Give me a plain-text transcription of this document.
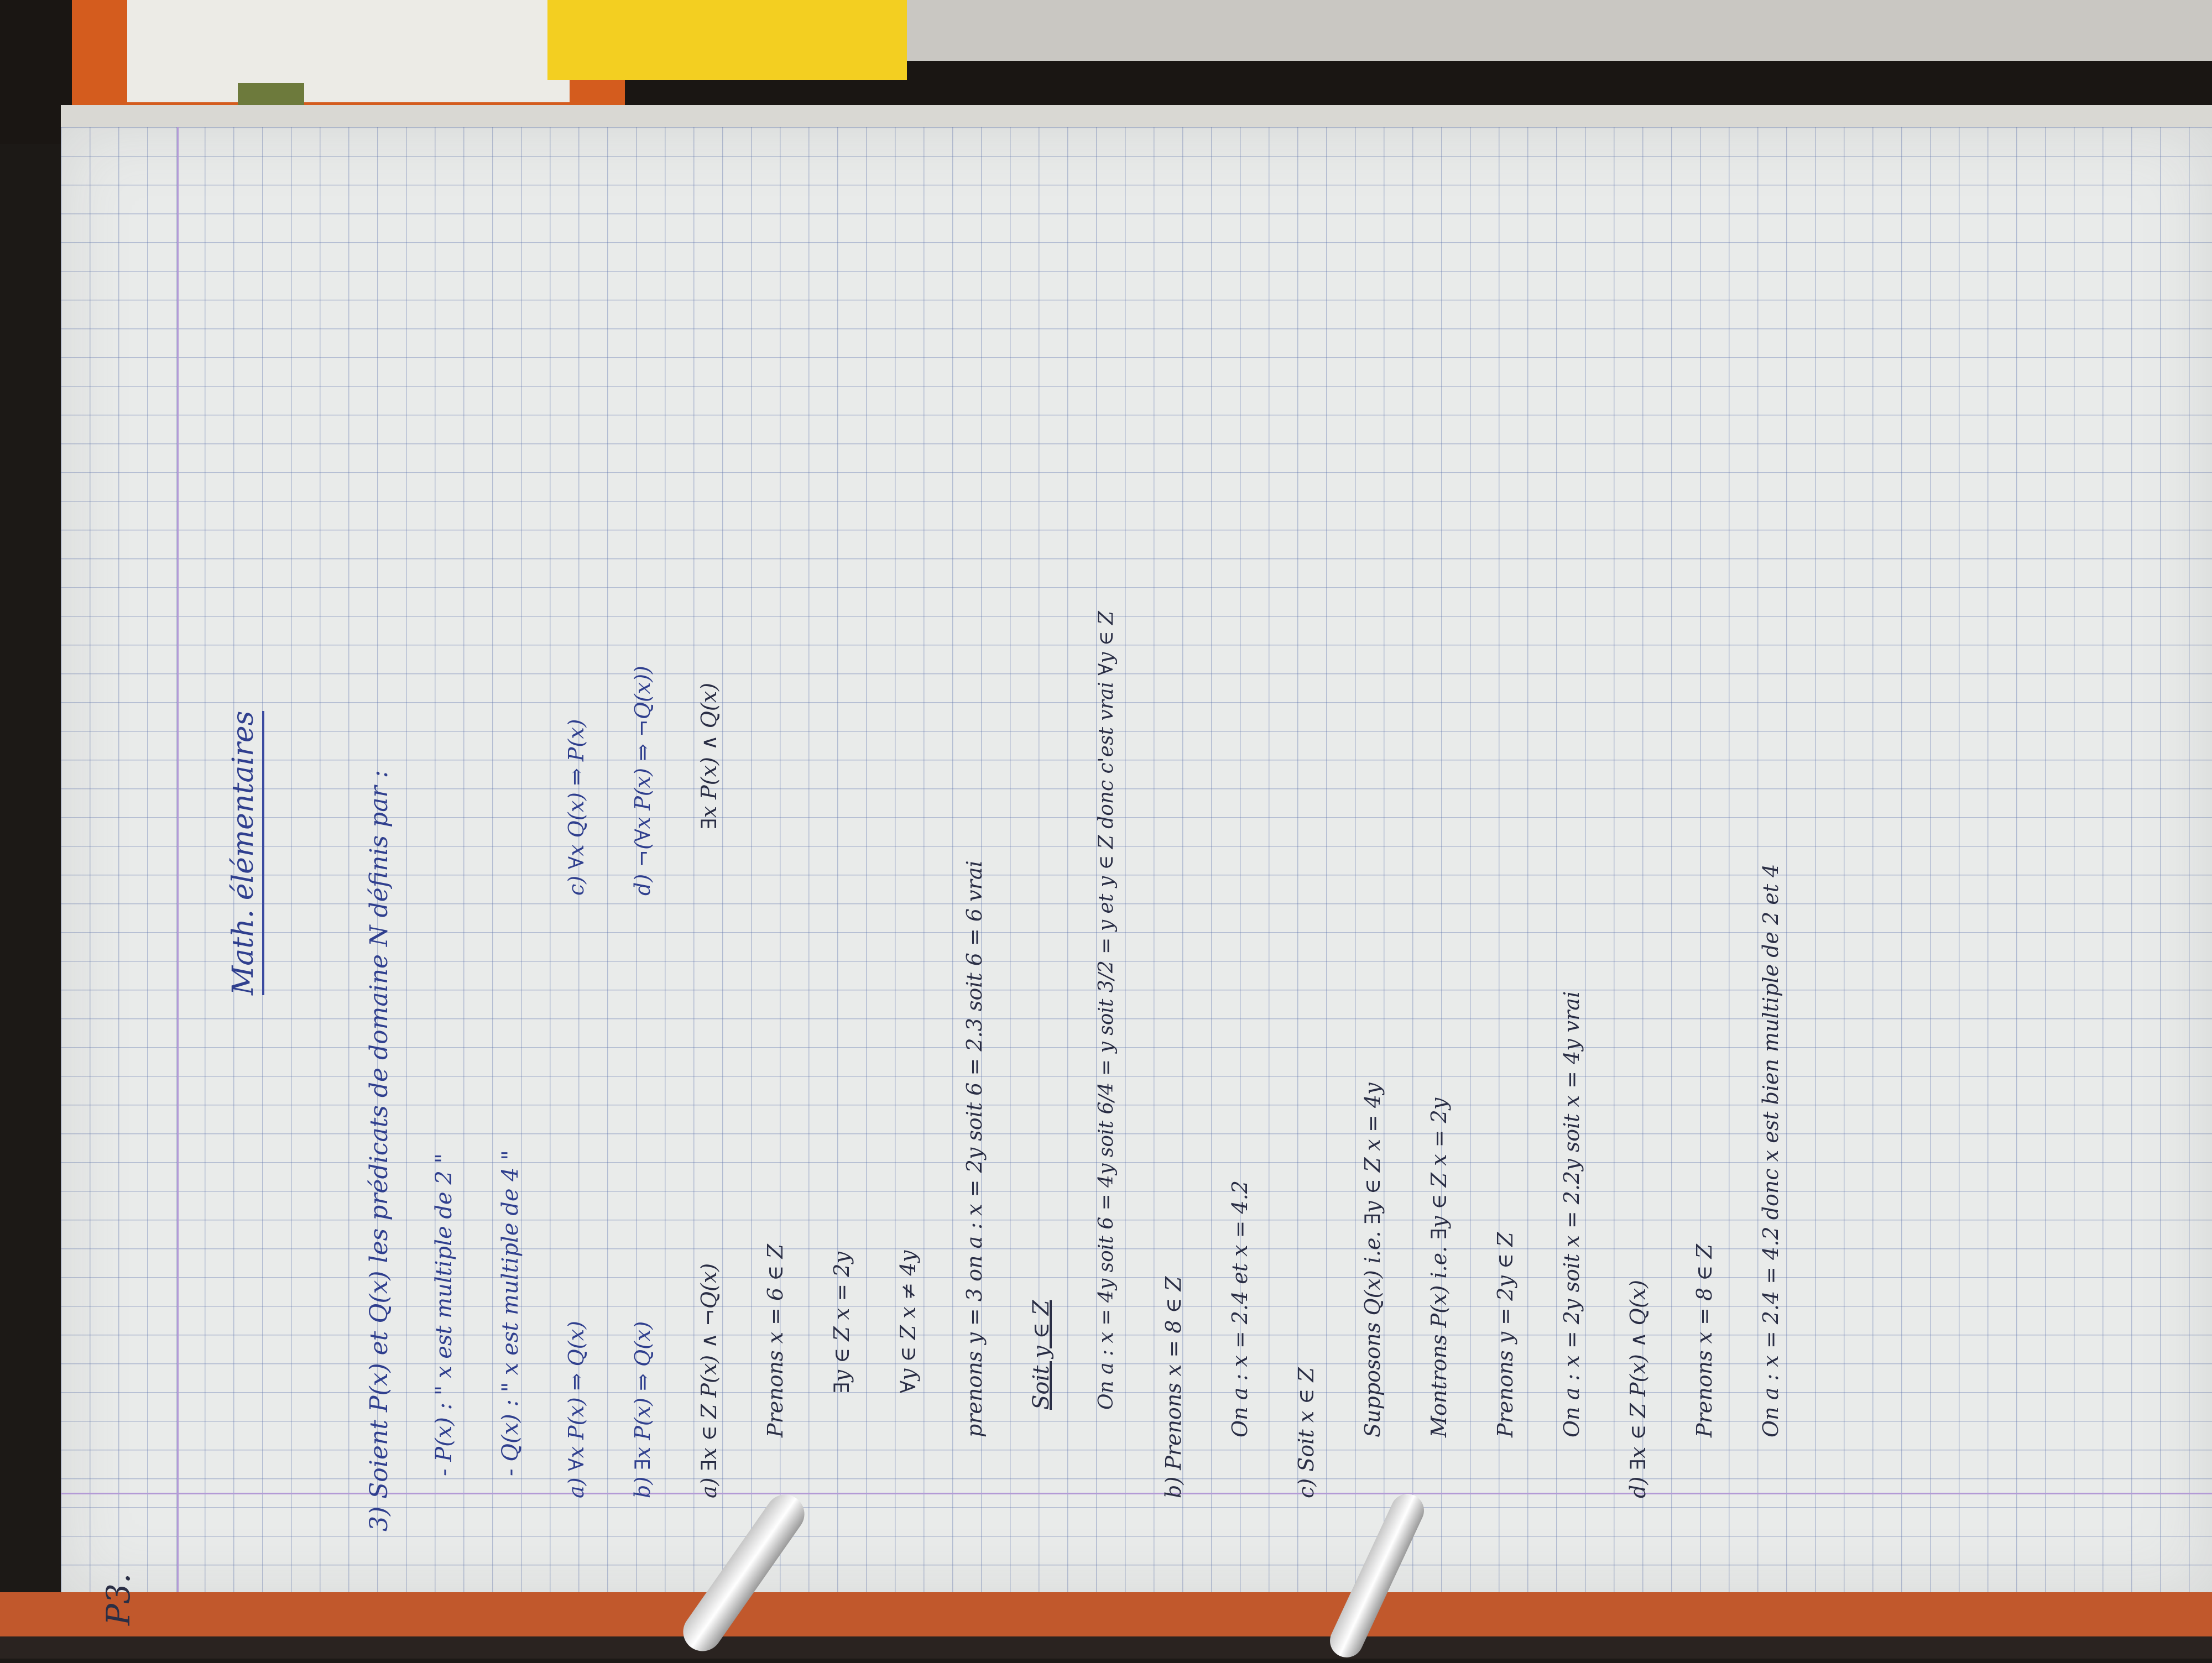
P3.
Math. élémentaires	3) Soient P(x) et Q(x) les prédicats de domaine N définis par : - P(x) : " x est multiple de 2 " - Q(x) : " x est multiple de 4 " a) ∀x P(x) ⇒ Q(x)
c) ∀x Q(x) ⇒ P(x)
b) ∃x P(x) ⇒ Q(x)
d) ¬(∀x P(x) ⇒ ¬Q(x))
a) ∃x ∈ Z P(x) ∧ ¬Q(x)
∃x P(x) ∧ Q(x)
Prenons x = 6 ∈ Z ∃y ∈ Z x = 2y ∀y ∈ Z x ≠ 4y prenons y = 3 on a : x = 2y soit 6 = 2.3 soit 6 = 6 vrai Soit y ∈ Z On a : x = 4y soit 6 = 4y soit 6/4 = y soit 3/2 = y et y ∈ Z donc c'est vrai ∀y ∈ Z b) Prenons x = 8 ∈ Z On a : x = 2.4 et x = 4.2 c) Soit x ∈ Z Supposons Q(x) i.e. ∃y ∈ Z x = 4y Montrons P(x) i.e. ∃y ∈ Z x = 2y Prenons y = 2y ∈ Z On a : x = 2y soit x = 2.2y soit x = 4y vrai d) ∃x ∈ Z P(x) ∧ Q(x) Prenons x = 8 ∈ Z On a : x = 2.4 = 4.2 donc x est bien multiple de 2 et 4
